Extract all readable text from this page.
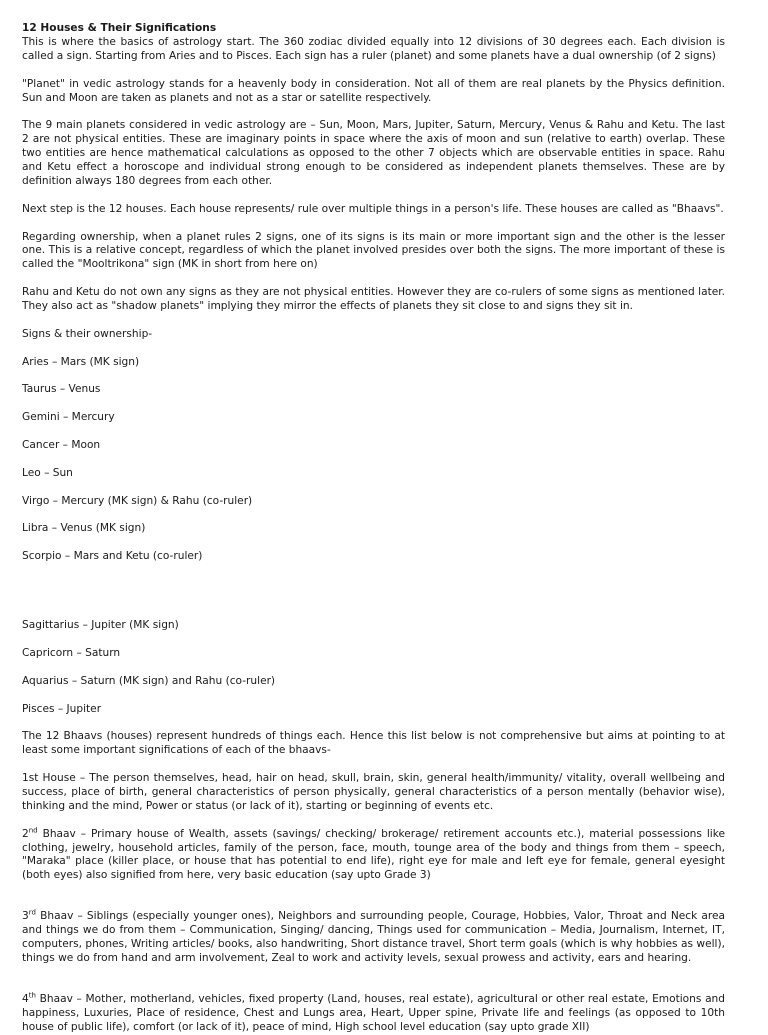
12 Houses & Their Significations

This is where the basics of astrology start. The 360 zodiac divided equally into 12 divisions of 30 degrees each. Each division is called a sign. Starting from Aries and to Pisces. Each sign has a ruler (planet) and some planets have a dual ownership (of 2 signs)

"Planet" in vedic astrology stands for a heavenly body in consideration. Not all of them are real planets by the Physics definition. Sun and Moon are taken as planets and not as a star or satellite respectively.

The 9 main planets considered in vedic astrology are – Sun, Moon, Mars, Jupiter, Saturn, Mercury, Venus & Rahu and Ketu. The last 2 are not physical entities. These are imaginary points in space where the axis of moon and sun (relative to earth) overlap. These two entities are hence mathematical calculations as opposed to the other 7 objects which are observable entities in space. Rahu and Ketu effect a horoscope and individual strong enough to be considered as independent planets themselves. These are by definition always 180 degrees from each other.

Next step is the 12 houses. Each house represents/ rule over multiple things in a person's life. These houses are called as "Bhaavs".

Regarding ownership, when a planet rules 2 signs, one of its signs is its main or more important sign and the other is the lesser one. This is a relative concept, regardless of which the planet involved presides over both the signs. The more important of these is called the "Mooltrikona" sign (MK in short from here on)

Rahu and Ketu do not own any signs as they are not physical entities. However they are co-rulers of some signs as mentioned later. They also act as "shadow planets" implying they mirror the effects of planets they sit close to and signs they sit in.

Signs & their ownership-

Aries – Mars (MK sign)

Taurus – Venus

Gemini – Mercury

Cancer – Moon

Leo – Sun

Virgo – Mercury (MK sign) & Rahu (co-ruler)

Libra – Venus (MK sign)

Scorpio – Mars and Ketu (co-ruler)

Sagittarius – Jupiter (MK sign)

Capricorn – Saturn

Aquarius – Saturn (MK sign) and Rahu (co-ruler)

Pisces – Jupiter

The 12 Bhaavs (houses) represent hundreds of things each. Hence this list below is not comprehensive but aims at pointing to at least some important significations of each of the bhaavs-

1st House – The person themselves, head, hair on head, skull, brain, skin, general health/immunity/ vitality, overall wellbeing and success, place of birth, general characteristics of person physically, general characteristics of a person mentally (behavior wise), thinking and the mind, Power or status (or lack of it), starting or beginning of events etc.

2nd Bhaav – Primary house of Wealth, assets (savings/ checking/ brokerage/ retirement accounts etc.), material possessions like clothing, jewelry, household articles, family of the person, face, mouth, tounge area of the body and things from them – speech, "Maraka" place (killer place, or house that has potential to end life), right eye for male and left eye for female, general eyesight (both eyes) also signified from here, very basic education (say upto Grade 3)

3rd Bhaav – Siblings (especially younger ones), Neighbors and surrounding people, Courage, Hobbies, Valor, Throat and Neck area and things we do from them – Communication, Singing/ dancing, Things used for communication – Media, Journalism, Internet, IT, computers, phones, Writing articles/ books, also handwriting, Short distance travel, Short term goals (which is why hobbies as well), things we do from hand and arm involvement, Zeal to work and activity levels, sexual prowess and activity, ears and hearing.

4th Bhaav – Mother, motherland, vehicles, fixed property (Land, houses, real estate), agricultural or other real estate, Emotions and happiness, Luxuries, Place of residence, Chest and Lungs area, Heart, Upper spine, Private life and feelings (as opposed to 10th house of public life), comfort (or lack of it), peace of mind, High school level education (say upto grade XII)
